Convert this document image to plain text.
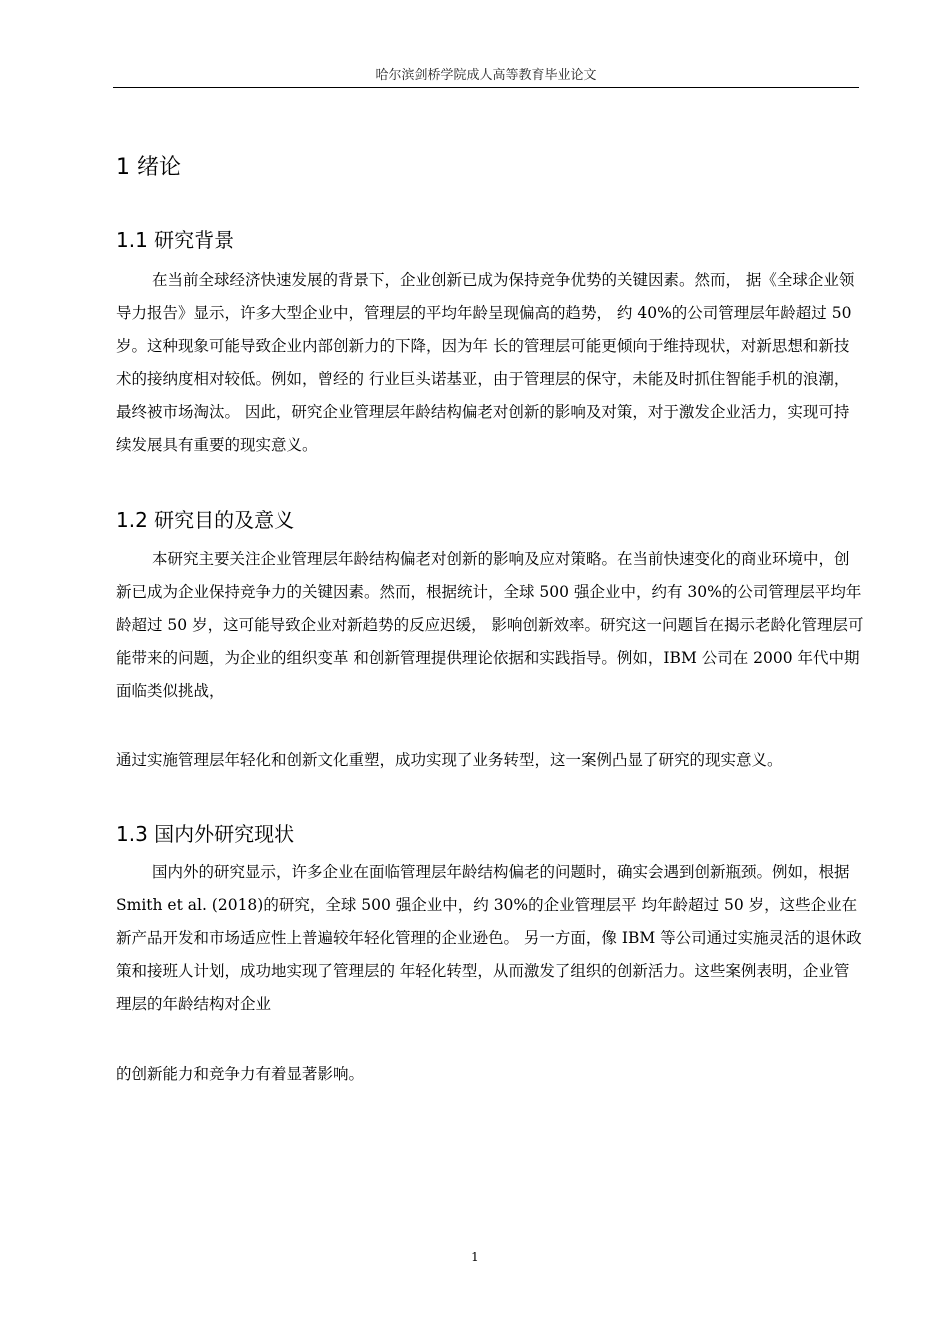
哈尔滨剑桥学院成人高等教育毕业论文
1 绪论
1.1 研究背景

在当前全球经济快速发展的背景下，企业创新已成为保持竞争优势的关键因素。然而， 据《全球企业领导力报告》显示，许多大型企业中，管理层的平均年龄呈现偏高的趋势， 约 40%的公司管理层年龄超过 50 岁。这种现象可能导致企业内部创新力的下降，因为年 长的管理层可能更倾向于维持现状，对新思想和新技术的接纳度相对较低。例如，曾经的 行业巨头诺基亚，由于管理层的保守，未能及时抓住智能手机的浪潮，最终被市场淘汰。 因此，研究企业管理层年龄结构偏老对创新的影响及对策，对于激发企业活力，实现可持 续发展具有重要的现实意义。

1.2 研究目的及意义

本研究主要关注企业管理层年龄结构偏老对创新的影响及应对策略。在当前快速变化的商业环境中，创新已成为企业保持竞争力的关键因素。然而，根据统计，全球 500 强企业中，约有 30%的公司管理层平均年龄超过 50 岁，这可能导致企业对新趋势的反应迟缓， 影响创新效率。研究这一问题旨在揭示老龄化管理层可能带来的问题，为企业的组织变革 和创新管理提供理论依据和实践指导。例如，IBM 公司在 2000 年代中期面临类似挑战，

通过实施管理层年轻化和创新文化重塑，成功实现了业务转型，这一案例凸显了研究的现实意义。

1.3 国内外研究现状

国内外的研究显示，许多企业在面临管理层年龄结构偏老的问题时，确实会遇到创新瓶颈。例如，根据 Smith et al. (2018)的研究，全球 500 强企业中，约 30%的企业管理层平 均年龄超过 50 岁，这些企业在新产品开发和市场适应性上普遍较年轻化管理的企业逊色。 另一方面，像 IBM 等公司通过实施灵活的退休政策和接班人计划，成功地实现了管理层的 年轻化转型，从而激发了组织的创新活力。这些案例表明，企业管理层的年龄结构对企业

的创新能力和竞争力有着显著影响。

1
